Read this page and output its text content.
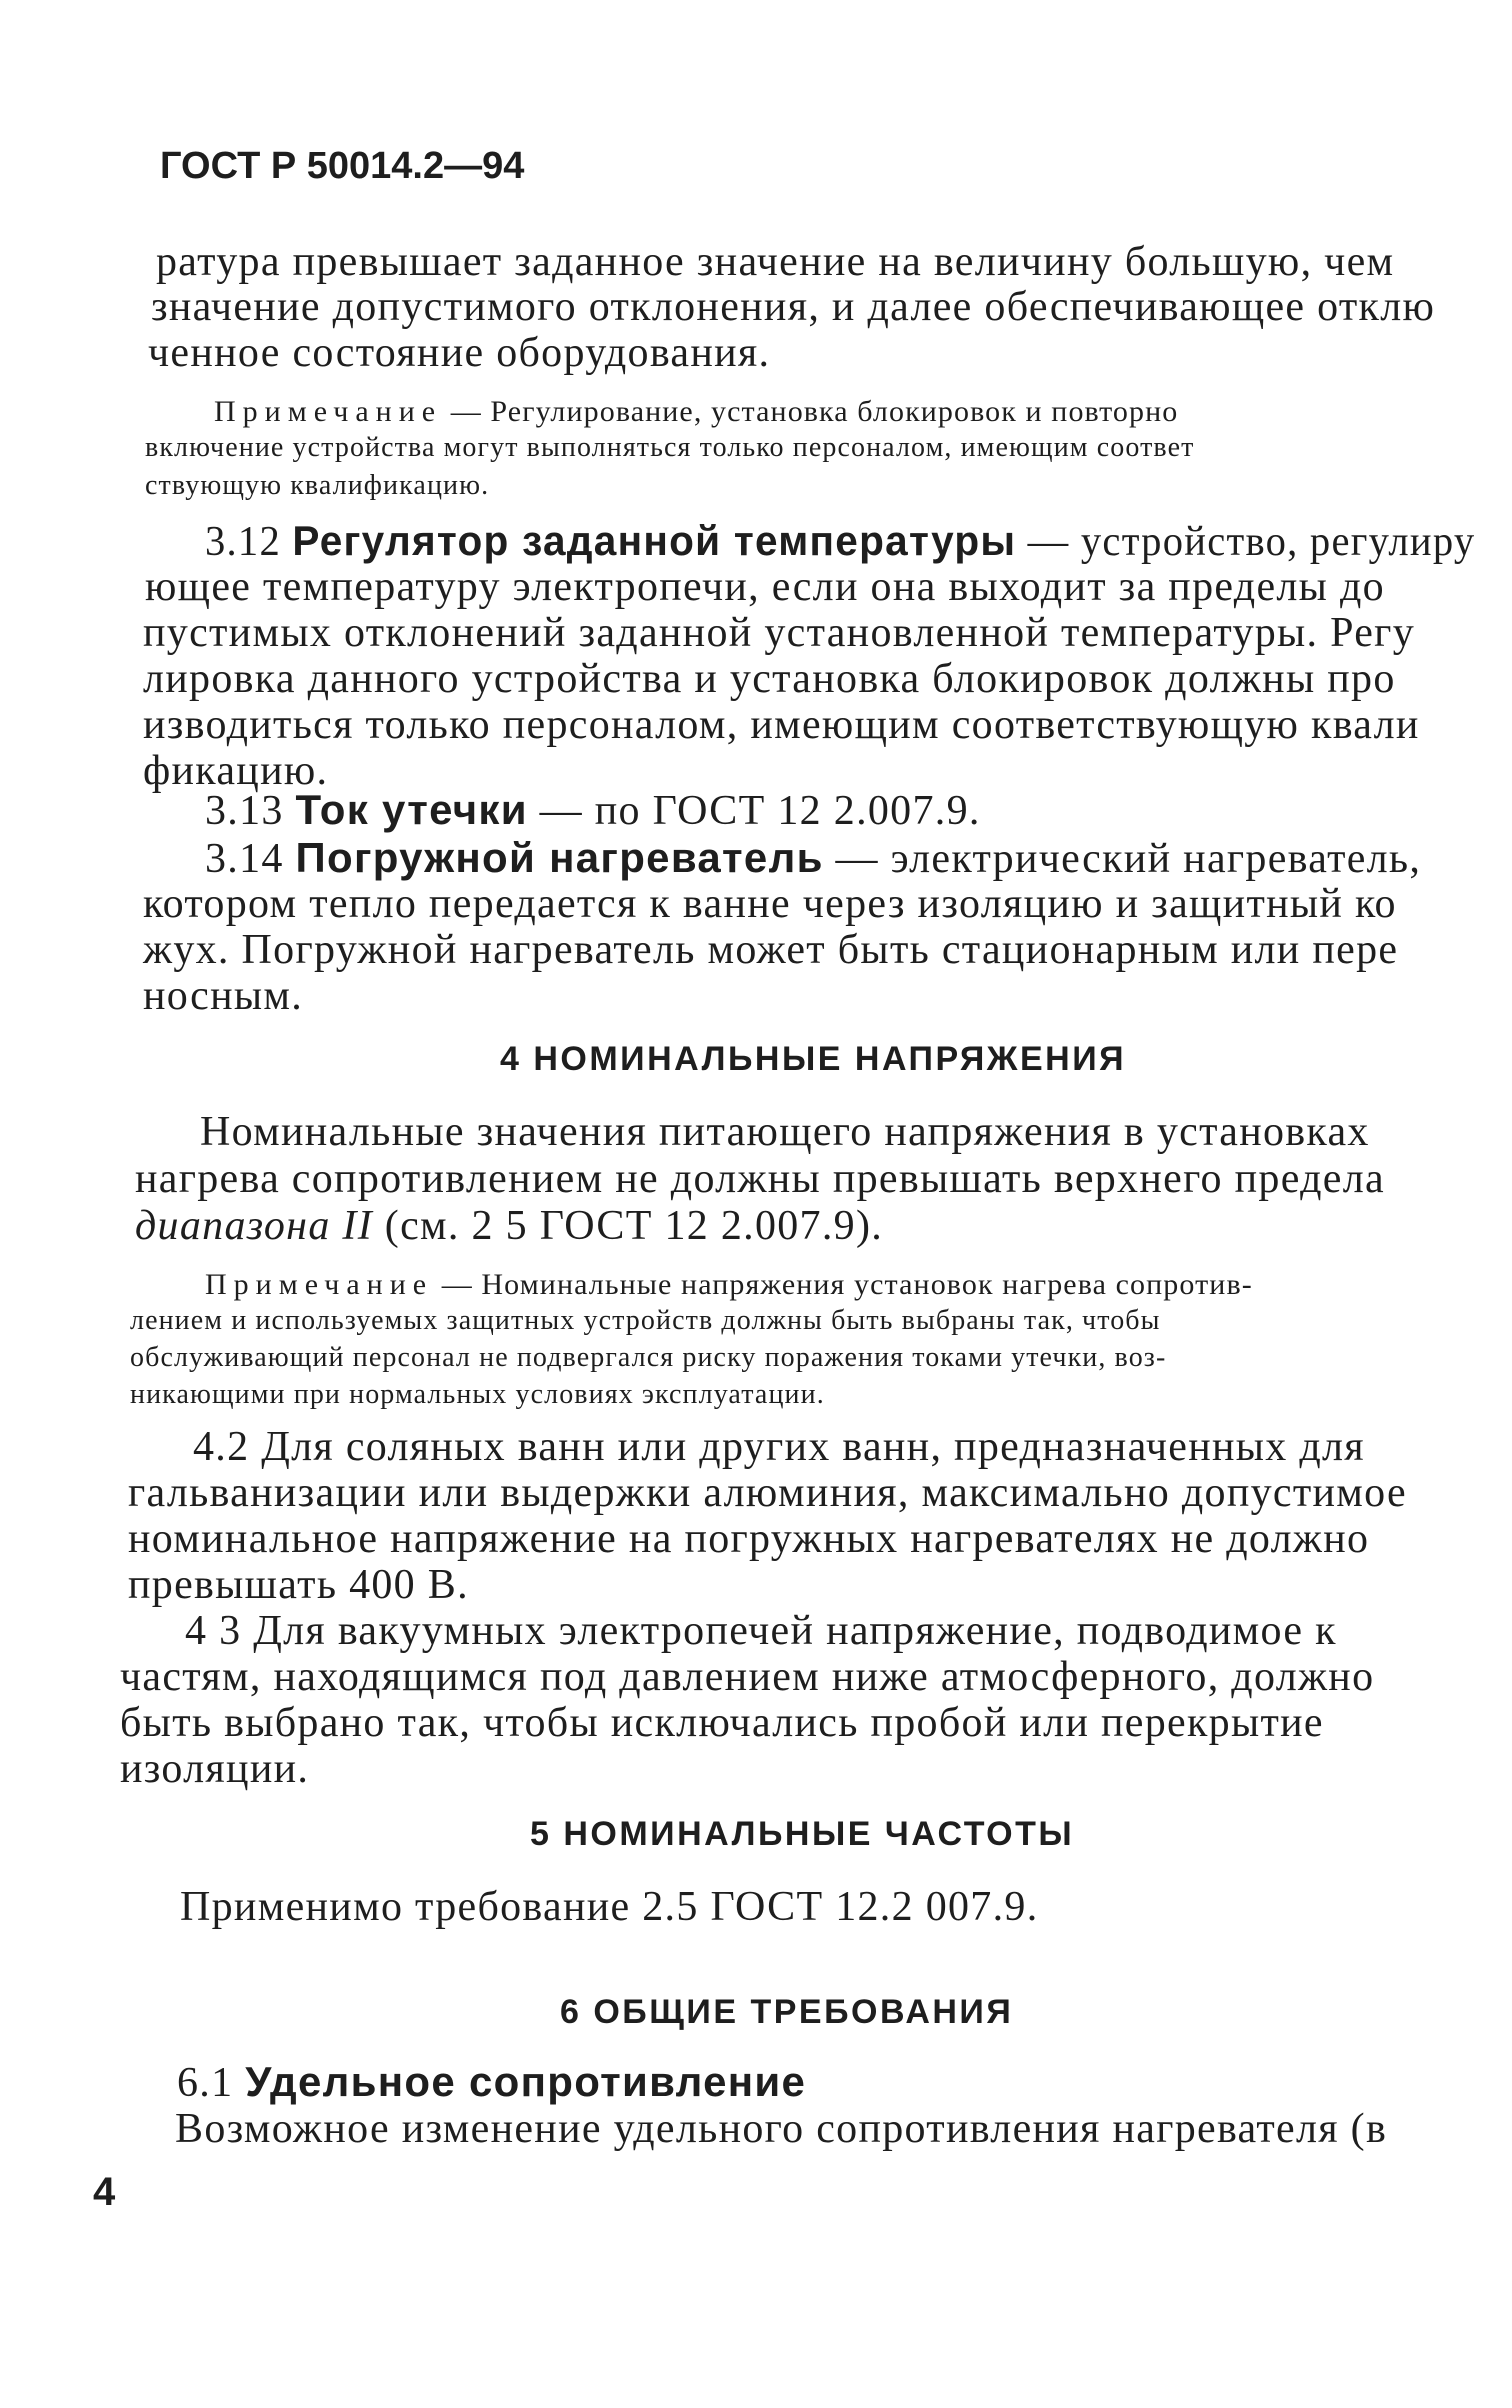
ГОСТ Р 50014.2—94
ратура превышает заданное значение на величину большую, чем
значение допустимого отклонения, и далее обеспечивающее отклю
ченное состояние оборудования.
Примечание — Регулирование, установка блокировок и повторно
включение устройства могут выполняться только персоналом, имеющим соответ
ствующую квалификацию.
3.12 Регулятор заданной температуры — устройство, регулиру
ющее температуру электропечи, если она выходит за пределы до
пустимых отклонений заданной установленной температуры. Регу
лировка данного устройства и установка блокировок должны про
изводиться только персоналом, имеющим соответствующую квали
фикацию.
3.13 Ток утечки — по ГОСТ 12 2.007.9.
3.14 Погружной нагреватель — электрический нагреватель,
котором тепло передается к ванне через изоляцию и защитный ко
жух. Погружной нагреватель может быть стационарным или пере
носным.
4 НОМИНАЛЬНЫЕ НАПРЯЖЕНИЯ
Номинальные значения питающего напряжения в установках
нагрева сопротивлением не должны превышать верхнего предела
диапазона II (см. 2 5 ГОСТ 12 2.007.9).
Примечание — Номинальные напряжения установок нагрева сопротив-
лением и используемых защитных устройств должны быть выбраны так, чтобы
обслуживающий персонал не подвергался риску поражения токами утечки, воз-
никающими при нормальных условиях эксплуатации.
4.2 Для соляных ванн или других ванн, предназначенных для
гальванизации или выдержки алюминия, максимально допустимое
номинальное напряжение на погружных нагревателях не должно
превышать 400 В.
4 3 Для вакуумных электропечей напряжение, подводимое к
частям, находящимся под давлением ниже атмосферного, должно
быть выбрано так, чтобы исключались пробой или перекрытие
изоляции.
5 НОМИНАЛЬНЫЕ ЧАСТОТЫ
Применимо требование 2.5 ГОСТ 12.2 007.9.
6 ОБЩИЕ ТРЕБОВАНИЯ
6.1 Удельное сопротивление
Возможное изменение удельного сопротивления нагревателя (в
4
